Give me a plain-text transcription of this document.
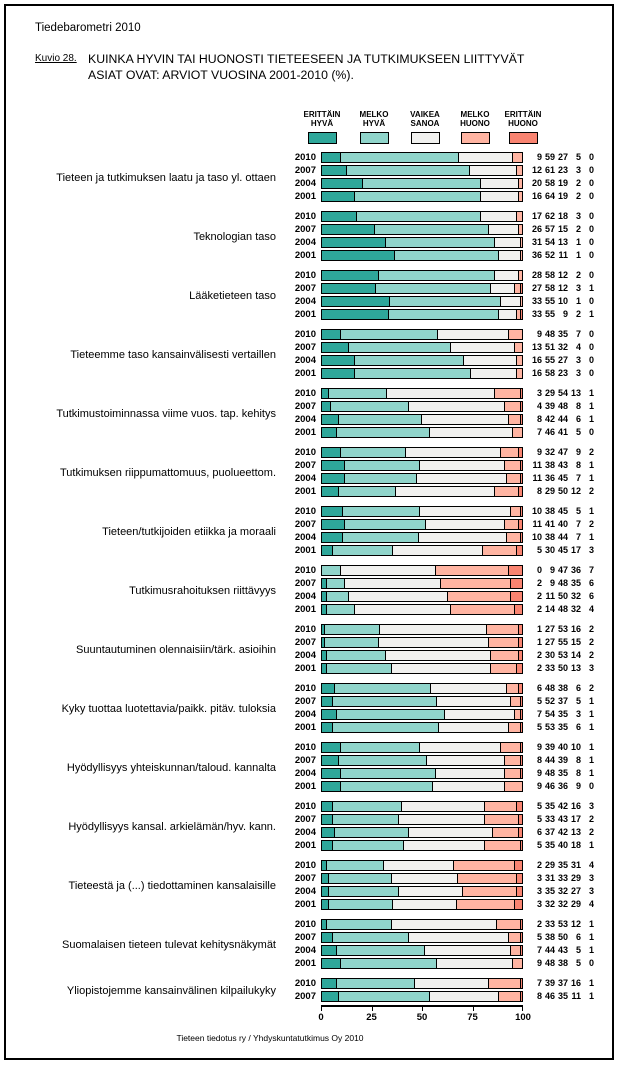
Tiedebarometri 2010
Kuvio 28. KUINKA HYVIN TAI HUONOSTI TIETEESEEN JA TUTKIMUKSEEN LIITTYVÄT
ASIAT OVAT: ARVIOT VUOSINA 2001-2010 (%).
ERITTÄIN
HYVÄ
MELKO
HYVÄ
VAIKEA
SANOA
MELKO
HUONO
ERITTÄIN
HUONO
Tieteen ja tutkimuksen laatu ja taso yl. ottaen
2010	9 59 27 5 0
2007	12 61 23 3 0
2004	20 58 19 2 0
2001	16 64 19 2 0
Teknologian taso
2010	17 62 18 3 0
2007	26 57 15 2 0
2004	31 54 13 1 0
2001	36 52 11 1 0
Lääketieteen taso
2010	28 58 12 2 0
2007	27 58 12 3 1
2004	33 55 10 1 0
2001	33 55 9 2 1
Tieteemme taso kansainvälisesti vertaillen
2010	9 48 35 7 0
2007	13 51 32 4 0
2004	16 55 27 3 0
2001	16 58 23 3 0
Tutkimustoiminnassa viime vuos. tap. kehitys
2010	3 29 54 13 1
2007	4 39 48 8 1
2004	8 42 44 6 1
2001	7 46 41 5 0
Tutkimuksen riippumattomuus, puolueettom.
2010	9 32 47 9 2
2007	11 38 43 8 1
2004	11 36 45 7 1
2001	8 29 50 12 2
Tieteen/tutkijoiden etiikka ja moraali
2010	10 38 45 5 1
2007	11 41 40 7 2
2004	10 38 44 7 1
2001	5 30 45 17 3
Tutkimusrahoituksen riittävyys
2010	0 9 47 36 7
2007	2 9 48 35 6
2004	2 11 50 32 6
2001	2 14 48 32 4
Suuntautuminen olennaisiin/tärk. asioihin
2010	1 27 53 16 2
2007	1 27 55 15 2
2004	2 30 53 14 2
2001	2 33 50 13 3
Kyky tuottaa luotettavia/paikk. pitäv. tuloksia
2010	6 48 38 6 2
2007	5 52 37 5 1
2004	7 54 35 3 1
2001	5 53 35 6 1
Hyödyllisyys yhteiskunnan/taloud. kannalta
2010	9 39 40 10 1
2007	8 44 39 8 1
2004	9 48 35 8 1
2001	9 46 36 9 0
Hyödyllisyys kansal. arkielämän/hyv. kann.
2010	5 35 42 16 3
2007	5 33 43 17 2
2004	6 37 42 13 2
2001	5 35 40 18 1
Tieteestä ja (...) tiedottaminen kansalaisille
2010	2 29 35 31 4
2007	3 31 33 29 3
2004	3 35 32 27 3
2001	3 32 32 29 4
Suomalaisen tieteen tulevat kehitysnäkymät
2010	2 33 53 12 1
2007	5 38 50 6 1
2004	7 44 43 5 1
2001	9 48 38 5 0
Yliopistojemme kansainvälinen kilpailukyky
2010	7 39 37 16 1
2007	8 46 35 11 1
0	25	50	75	100
Tieteen tiedotus ry / Yhdyskuntatutkimus Oy 2010
